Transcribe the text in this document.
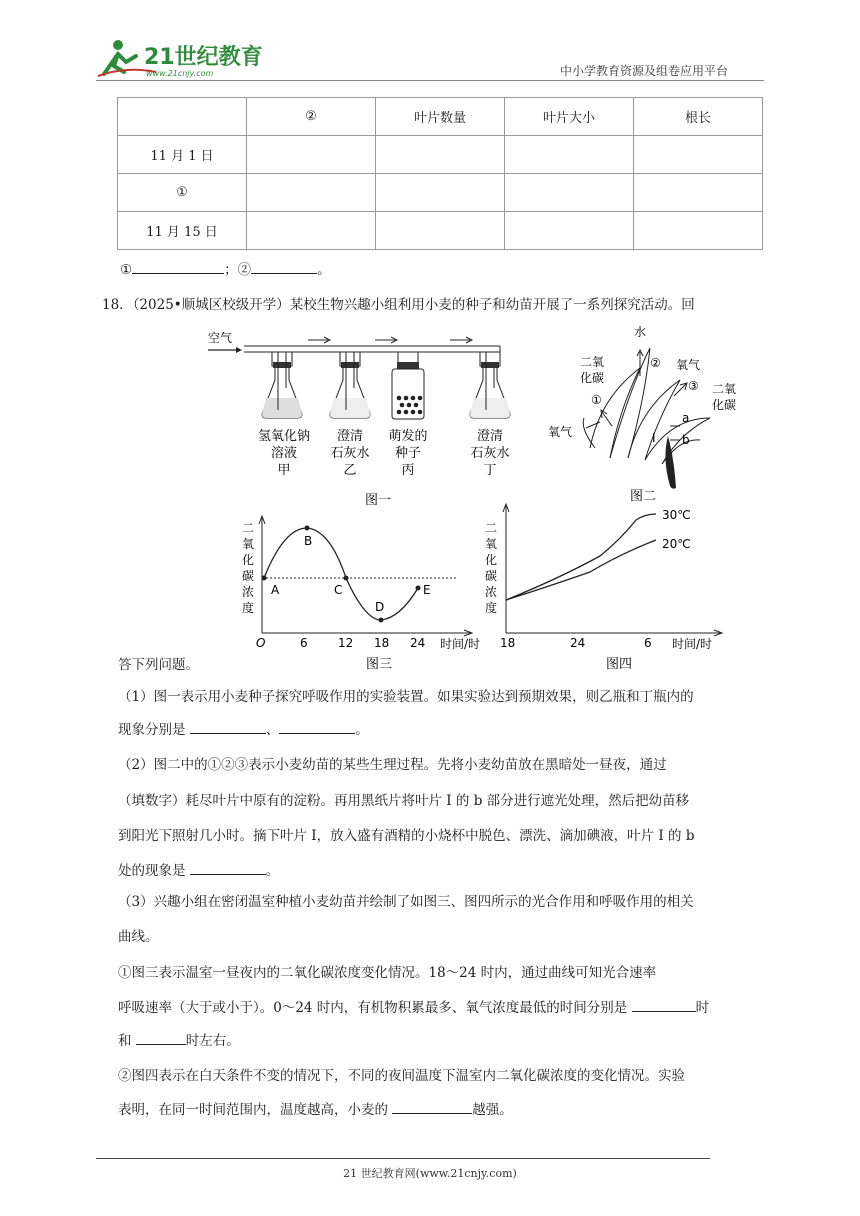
21世纪教育
www.21cnjy.com	中小学教育资源及组卷应用平台
	②	叶片数量	叶片大小	根长
11 月 1 日				
①				
11 月 15 日				
①	；②	。
18．（2025•顺城区校级开学）某校生物兴趣小组利用小麦的种子和幼苗开展了一系列探究活动。回
空气
氢氧化钠
溶液
甲
澄清
石灰水
乙
萌发的
种子
丙
澄清
石灰水
丁
图一
水
二氧
化碳
② 氧气
③ 二氧
化碳
①
氧气
a
b
I
图二
二
氧
化
碳
浓
度
A
B
C
D
E
O	6	12 18 24 时间/时
图三
二
氧
化
碳
浓
度
30℃
20℃
18	24	6 时间/时
图四
答下列问题。
（1）图一表示用小麦种子探究呼吸作用的实验装置。如果实验达到预期效果，则乙瓶和丁瓶内的
现象分别是	、	。
（2）图二中的①②③表示小麦幼苗的某些生理过程。先将小麦幼苗放在黑暗处一昼夜，通过
（填数字）耗尽叶片中原有的淀粉。再用黑纸片将叶片 I 的 b 部分进行遮光处理，然后把幼苗移
到阳光下照射几小时。摘下叶片 I，放入盛有酒精的小烧杯中脱色、漂洗、滴加碘液，叶片 I 的 b
处的现象是	。
（3）兴趣小组在密闭温室种植小麦幼苗并绘制了如图三、图四所示的光合作用和呼吸作用的相关
曲线。
①图三表示温室一昼夜内的二氧化碳浓度变化情况。18～24 时内，通过曲线可知光合速率
呼吸速率（大于或小于）。0～24 时内，有机物积累最多、氧气浓度最低的时间分别是	时
和	时左右。
②图四表示在白天条件不变的情况下，不同的夜间温度下温室内二氧化碳浓度的变化情况。实验
表明，在同一时间范围内，温度越高，小麦的	越强。
21 世纪教育网(www.21cnjy.com)
